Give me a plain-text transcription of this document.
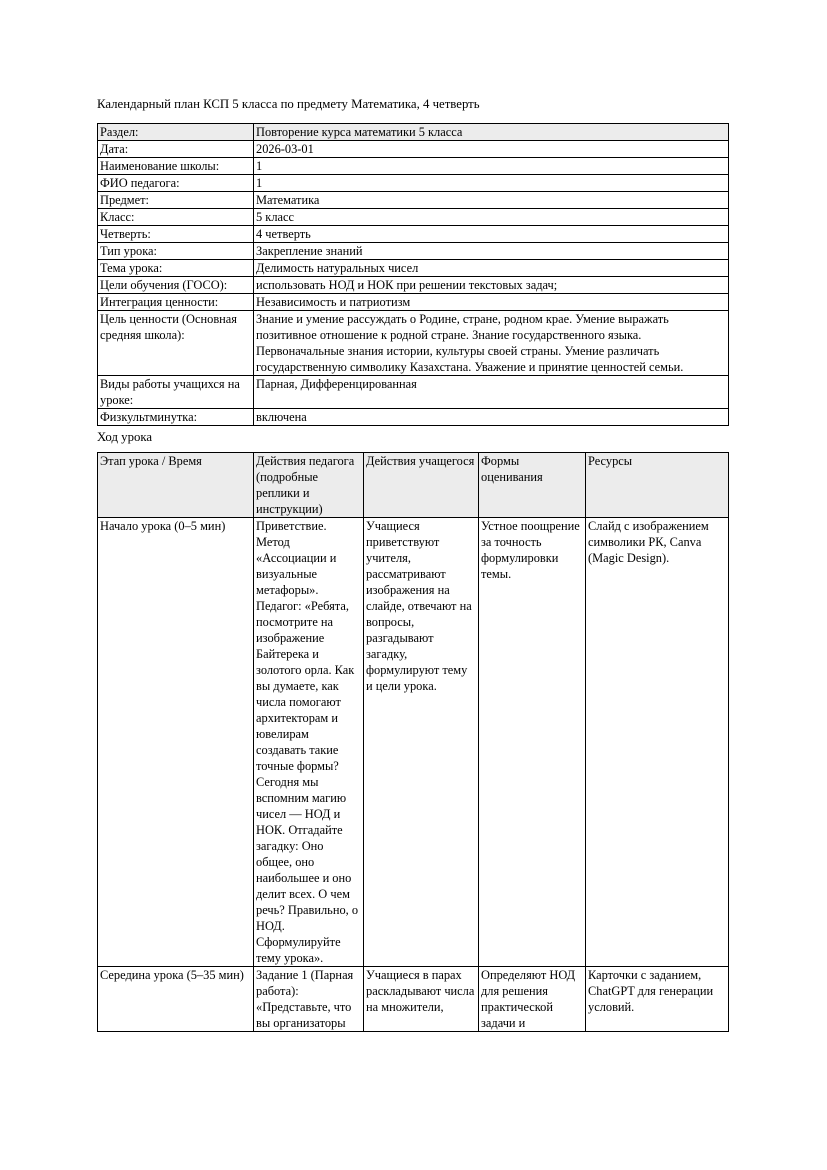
Календарный план КСП 5 класса по предмету Математика, 4 четверть

Раздел:	Повторение курса математики 5 класса
Дата:	2026-03-01
Наименование школы:	1
ФИО педагога:	1
Предмет:	Математика
Класс:	5 класс
Четверть:	4 четверть
Тип урока:	Закрепление знаний
Тема урока:	Делимость натуральных чисел
Цели обучения (ГОСО):	использовать НОД и НОК при решении текстовых задач;
Интеграция ценности:	Независимость и патриотизм
Цель ценности (Основная средняя школа):	Знание и умение рассуждать о Родине, стране, родном крае. Умение выражать позитивное отношение к родной стране. Знание государственного языка. Первоначальные знания истории, культуры своей страны. Умение различать государственную символику Казахстана. Уважение и принятие ценностей семьи.
Виды работы учащихся на уроке:	Парная, Дифференцированная
Физкультминутка:	включена

Ход урока

Этап урока / Время	Действия педагога (подробные реплики и инструкции)	Действия учащегося	Формы оценивания	Ресурсы
Начало урока (0–5 мин)	Приветствие. Метод «Ассоциации и визуальные метафоры». Педагог: «Ребята, посмотрите на изображение Байтерека и золотого орла. Как вы думаете, как числа помогают архитекторам и ювелирам создавать такие точные формы? Сегодня мы вспомним магию чисел — НОД и НОК. Отгадайте загадку: Оно общее, оно наибольшее и оно делит всех. О чем речь? Правильно, о НОД. Сформулируйте тему урока».	Учащиеся приветствуют учителя, рассматривают изображения на слайде, отвечают на вопросы, разгадывают загадку, формулируют тему и цели урока.	Устное поощрение за точность формулировки темы.	Слайд с изображением символики РК, Canva (Magic Design).
Середина урока (5–35 мин)	Задание 1 (Парная работа): «Представьте, что вы организаторы	Учащиеся в парах раскладывают числа на множители,	Определяют НОД для решения практической задачи и	Карточки с заданием, ChatGPT для генерации условий.
